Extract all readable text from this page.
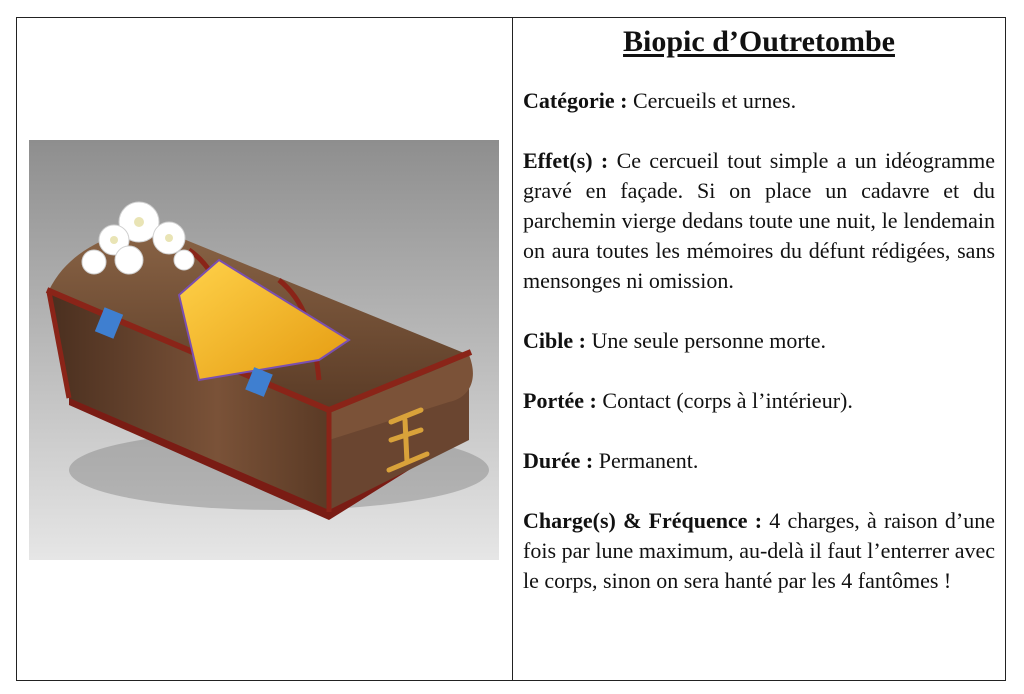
Biopic d’Outretombe
Catégorie : Cercueils et urnes.
Effet(s) : Ce cercueil tout simple a un idéogramme gravé en façade. Si on place un cadavre et du parchemin vierge dedans toute une nuit, le lendemain on aura toutes les mémoires du défunt rédigées, sans mensonges ni omission.
Cible : Une seule personne morte.
Portée : Contact (corps à l’intérieur).
Durée : Permanent.
Charge(s) & Fréquence : 4 charges, à raison d’une fois par lune maximum, au-delà il faut l’enterrer avec le corps, sinon on sera hanté par les 4 fantômes !
